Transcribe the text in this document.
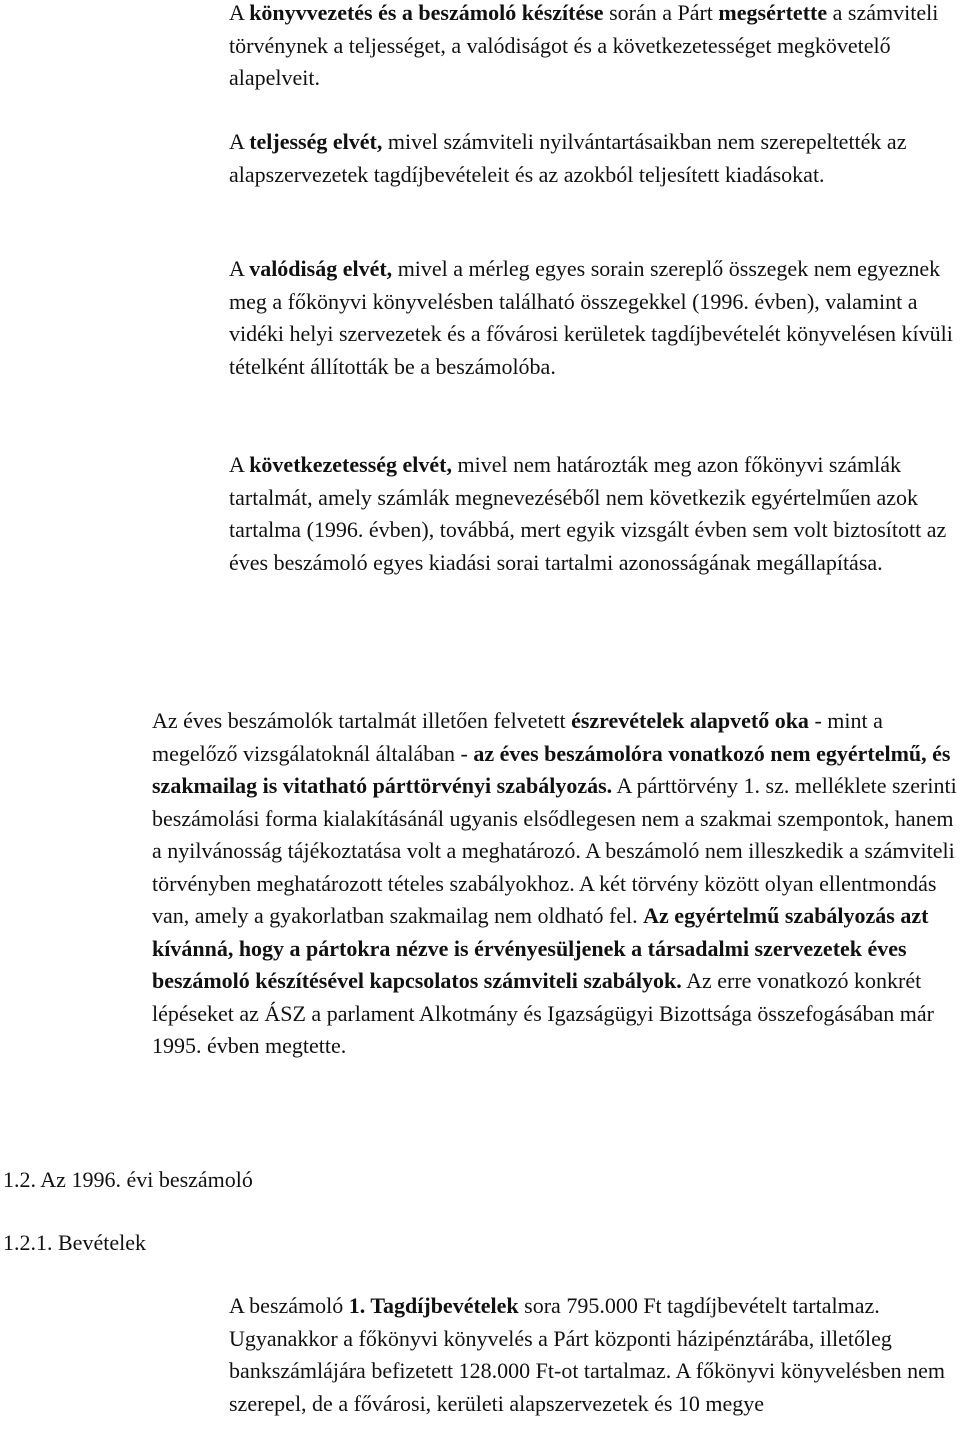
A könyvvezetés és a beszámoló készítése során a Párt megsértette a számviteli törvénynek a teljességet, a valódiságot és a következetességet megkövetelő alapelveit.

A teljesség elvét, mivel számviteli nyilvántartásaikban nem szerepeltették az alapszervezetek tagdíjbevételeit és az azokból teljesített kiadásokat.

A valódiság elvét, mivel a mérleg egyes sorain szereplő összegek nem egyeznek meg a főkönyvi könyvelésben található összegekkel (1996. évben), valamint a vidéki helyi szervezetek és a fővárosi kerületek tagdíjbevételét könyvelésen kívüli tételként állították be a beszámolóba.

A következetesség elvét, mivel nem határozták meg azon főkönyvi számlák tartalmát, amely számlák megnevezéséből nem következik egyértelműen azok tartalma (1996. évben), továbbá, mert egyik vizsgált évben sem volt biztosított az éves beszámoló egyes kiadási sorai tartalmi azonosságának megállapítása.

Az éves beszámolók tartalmát illetően felvetett észrevételek alapvető oka - mint a megelőző vizsgálatoknál általában - az éves beszámolóra vonatkozó nem egyértelmű, és szakmailag is vitatható párttörvényi szabályozás. A párttörvény 1. sz. melléklete szerinti beszámolási forma kialakításánál ugyanis elsődlegesen nem a szakmai szempontok, hanem a nyilvánosság tájékoztatása volt a meghatározó. A beszámoló nem illeszkedik a számviteli törvényben meghatározott tételes szabályokhoz. A két törvény között olyan ellentmondás van, amely a gyakorlatban szakmailag nem oldható fel. Az egyértelmű szabályozás azt kívánná, hogy a pártokra nézve is érvényesüljenek a társadalmi szervezetek éves beszámoló készítésével kapcsolatos számviteli szabályok. Az erre vonatkozó konkrét lépéseket az ÁSZ a parlament Alkotmány és Igazságügyi Bizottsága összefogásában már 1995. évben megtette.

1.2. Az 1996. évi beszámoló
1.2.1. Bevételek

A beszámoló 1. Tagdíjbevételek sora 795.000 Ft tagdíjbevételt tartalmaz. Ugyanakkor a főkönyvi könyvelés a Párt központi házipénztárába, illetőleg bankszámlájára befizetett 128.000 Ft-ot tartalmaz. A főkönyvi könyvelésben nem szerepel, de a fővárosi, kerületi alapszervezetek és 10 megye
